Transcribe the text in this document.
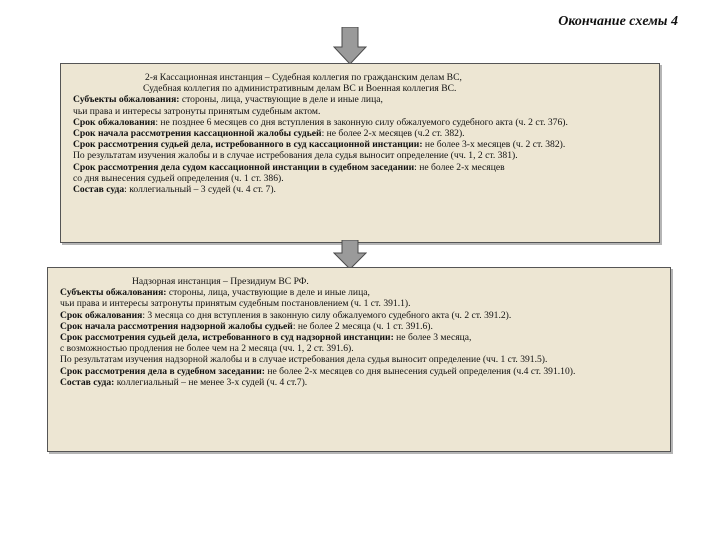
Окончание схемы 4
2-я Кассационная инстанция – Судебная коллегия по гражданским делам ВС,
Судебная коллегия по административным делам ВС и Военная коллегия ВС.
Субъекты обжалования: стороны, лица, участвующие в деле и иные лица,
чьи права и интересы затронуты принятым судебным актом.
Срок обжалования: не позднее 6 месяцев со дня вступления в законную силу обжалуемого судебного акта (ч. 2 ст. 376).
Срок начала рассмотрения кассационной жалобы судьей: не более 2-х месяцев (ч.2 ст. 382).
Срок рассмотрения судьей дела, истребованного в суд кассационной инстанции: не более 3-х месяцев (ч. 2 ст. 382).
По результатам изучения жалобы и в случае истребования дела судья выносит определение (чч. 1, 2 ст. 381).
Срок рассмотрения дела судом кассационной инстанции в судебном заседании: не более 2-х месяцев
со дня вынесения судьей определения (ч. 1 ст. 386).
Состав суда: коллегиальный – 3 судей (ч. 4 ст. 7).
Надзорная инстанция – Президиум ВС РФ.
Субъекты обжалования: стороны, лица, участвующие в деле и иные лица,
чьи права и интересы затронуты принятым судебным постановлением (ч. 1 ст. 391.1).
Срок обжалования: 3 месяца со дня вступления в законную силу обжалуемого судебного акта (ч. 2 ст. 391.2).
Срок начала рассмотрения надзорной жалобы судьей: не более 2 месяца (ч. 1 ст. 391.6).
Срок рассмотрения судьей дела, истребованного в суд надзорной инстанции: не более 3 месяца,
с возможностью продления не более чем на 2 месяца (чч. 1, 2 ст. 391.6).
По результатам изучения надзорной жалобы и в случае истребования дела судья выносит определение (чч. 1 ст. 391.5).
Срок рассмотрения дела в судебном заседании: не более 2-х месяцев со дня вынесения судьей определения (ч.4 ст. 391.10).
Состав суда: коллегиальный – не менее 3-х судей (ч. 4 ст.7).
